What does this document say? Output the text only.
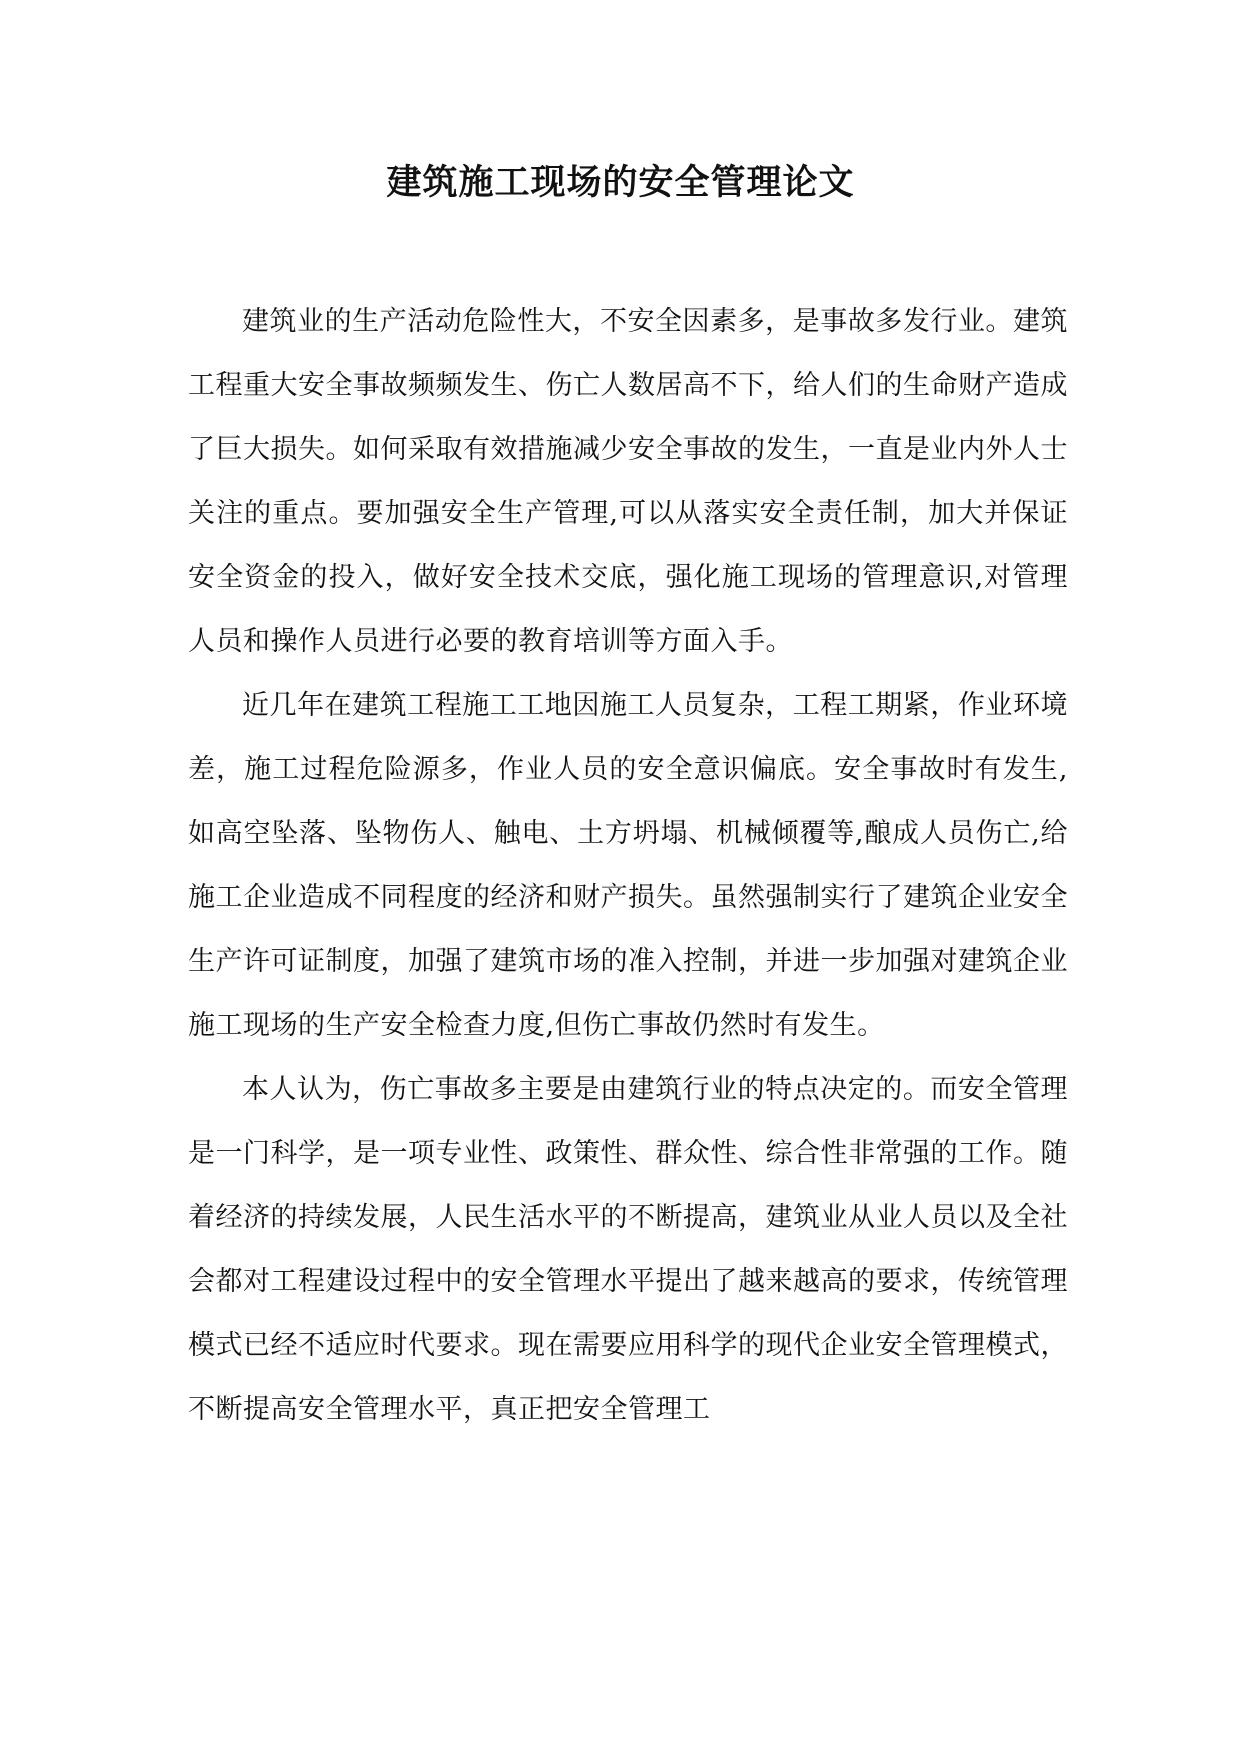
建筑施工现场的安全管理论文

建筑业的生产活动危险性大，不安全因素多，是事故多发行业。建筑工程重大安全事故频频发生、伤亡人数居高不下，给人们的生命财产造成了巨大损失。如何采取有效措施减少安全事故的发生，一直是业内外人士关注的重点。要加强安全生产管理,可以从落实安全责任制，加大并保证安全资金的投入，做好安全技术交底，强化施工现场的管理意识,对管理人员和操作人员进行必要的教育培训等方面入手。

近几年在建筑工程施工工地因施工人员复杂，工程工期紧，作业环境差，施工过程危险源多，作业人员的安全意识偏底。安全事故时有发生,如高空坠落、坠物伤人、触电、土方坍塌、机械倾覆等,酿成人员伤亡,给施工企业造成不同程度的经济和财产损失。虽然强制实行了建筑企业安全生产许可证制度，加强了建筑市场的准入控制，并进一步加强对建筑企业施工现场的生产安全检查力度,但伤亡事故仍然时有发生。

本人认为，伤亡事故多主要是由建筑行业的特点决定的。而安全管理是一门科学，是一项专业性、政策性、群众性、综合性非常强的工作。随着经济的持续发展，人民生活水平的不断提高，建筑业从业人员以及全社会都对工程建设过程中的安全管理水平提出了越来越高的要求，传统管理模式已经不适应时代要求。现在需要应用科学的现代企业安全管理模式，不断提高安全管理水平，真正把安全管理工
